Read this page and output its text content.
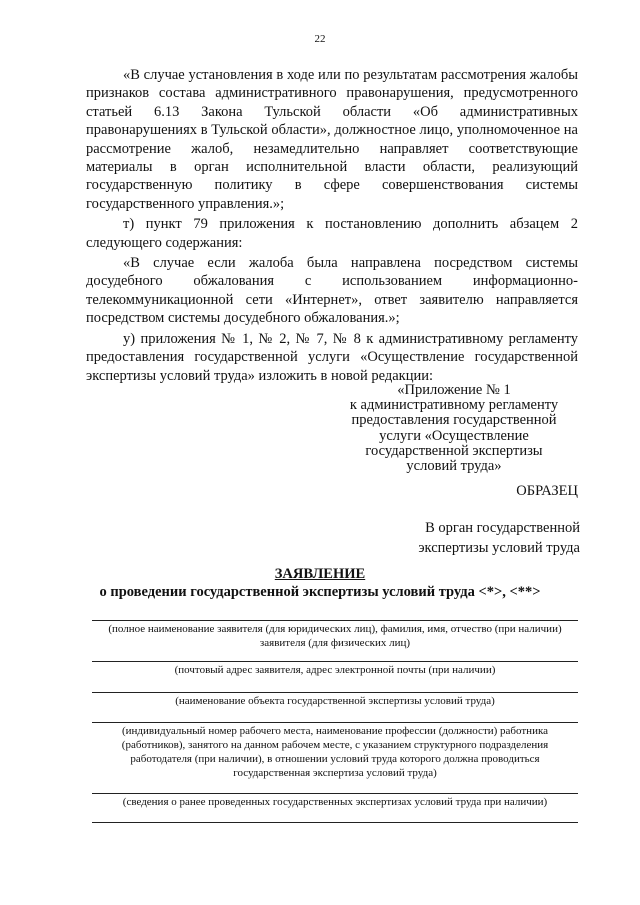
22

«В случае установления в ходе или по результатам рассмотрения жалобы признаков состава административного правонарушения, предусмотренного статьей 6.13 Закона Тульской области «Об административных правонарушениях в Тульской области», должностное лицо, уполномоченное на рассмотрение жалоб, незамедлительно направляет соответствующие материалы в орган исполнительной власти области, реализующий государственную политику в сфере совершенствования системы государственного управления.»;

т) пункт 79 приложения к постановлению дополнить абзацем 2 следующего содержания:

«В случае если жалоба была направлена посредством системы досудебного обжалования с использованием информационно-телекоммуникационной сети «Интернет», ответ заявителю направляется посредством системы досудебного обжалования.»;

у) приложения № 1, № 2, № 7, № 8 к административному регламенту предоставления государственной услуги «Осуществление государственной экспертизы условий труда» изложить в новой редакции:

«Приложение № 1
к административному регламенту
предоставления государственной
услуги «Осуществление
государственной экспертизы
условий труда»
ОБРАЗЕЦ
В орган государственной
экспертизы условий труда
ЗАЯВЛЕНИЕ
о проведении государственной экспертизы условий труда <*>, <**>
(полное наименование заявителя (для юридических лиц), фамилия, имя, отчество (при наличии) заявителя (для физических лиц)
(почтовый адрес заявителя, адрес электронной почты (при наличии)
(наименование объекта государственной экспертизы условий труда)
(индивидуальный номер рабочего места, наименование профессии (должности) работника (работников), занятого на данном рабочем месте, с указанием структурного подразделения работодателя (при наличии), в отношении условий труда которого должна проводиться государственная экспертиза условий труда)
(сведения о ранее проведенных государственных экспертизах условий труда при наличии)
